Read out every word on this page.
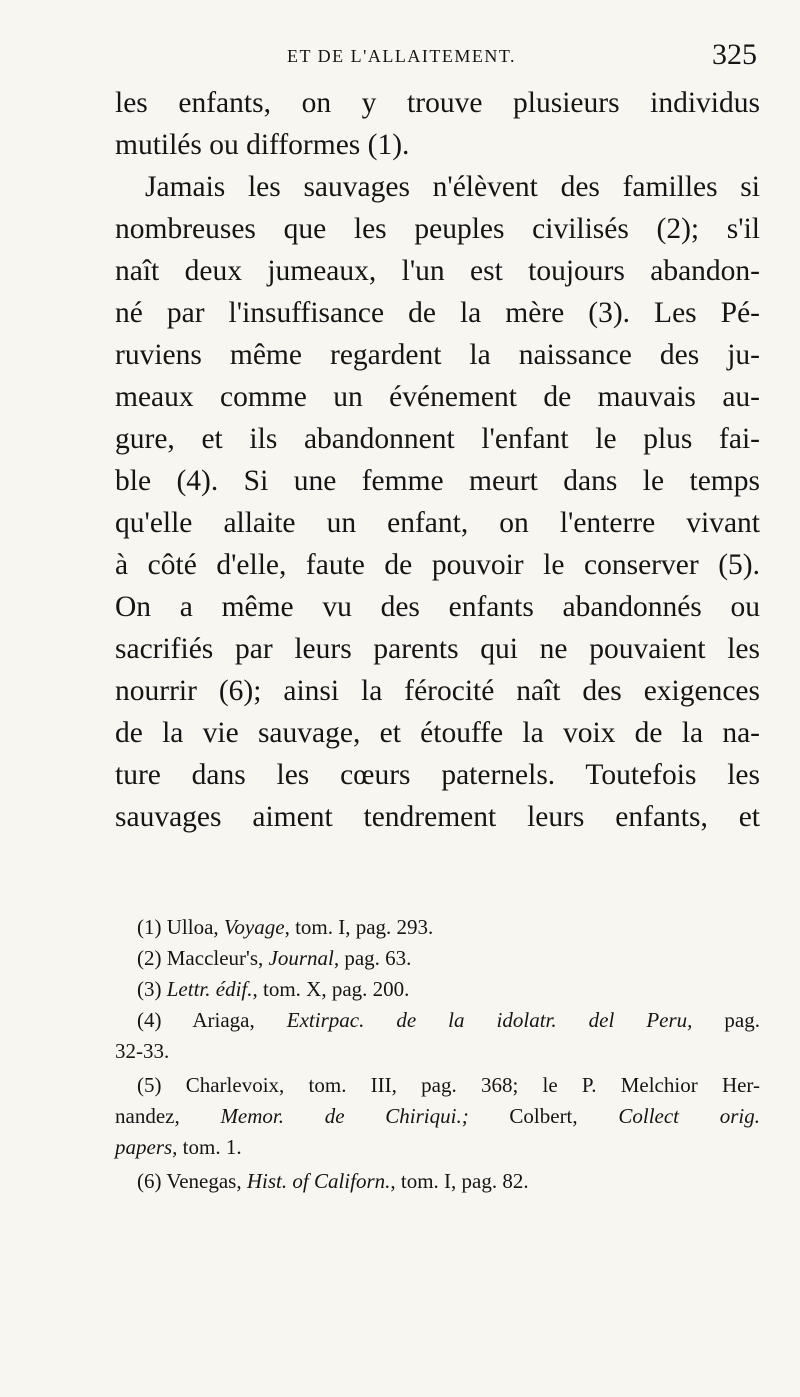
ET DE L'ALLAITEMENT.	325
les enfants, on y trouve plusieurs individus
mutilés ou difformes (1).
Jamais les sauvages n'élèvent des familles si
nombreuses que les peuples civilisés (2); s'il
naît deux jumeaux, l'un est toujours abandon-
né par l'insuffisance de la mère (3). Les Pé-
ruviens même regardent la naissance des ju-
meaux comme un événement de mauvais au-
gure, et ils abandonnent l'enfant le plus fai-
ble (4). Si une femme meurt dans le temps
qu'elle allaite un enfant, on l'enterre vivant
à côté d'elle, faute de pouvoir le conserver (5).
On a même vu des enfants abandonnés ou
sacrifiés par leurs parents qui ne pouvaient les
nourrir (6); ainsi la férocité naît des exigences
de la vie sauvage, et étouffe la voix de la na-
ture dans les cœurs paternels. Toutefois les
sauvages aiment tendrement leurs enfants, et
(1) Ulloa, Voyage, tom. I, pag. 293.
(2) Maccleur's, Journal, pag. 63.
(3) Lettr. édif., tom. X, pag. 200.
(4) Ariaga, Extirpac. de la idolatr. del Peru, pag.
32-33.
(5) Charlevoix, tom. III, pag. 368; le P. Melchior Her-
nandez, Memor. de Chiriqui.; Colbert, Collect orig.
papers, tom. 1.
(6) Venegas, Hist. of Californ., tom. I, pag. 82.
